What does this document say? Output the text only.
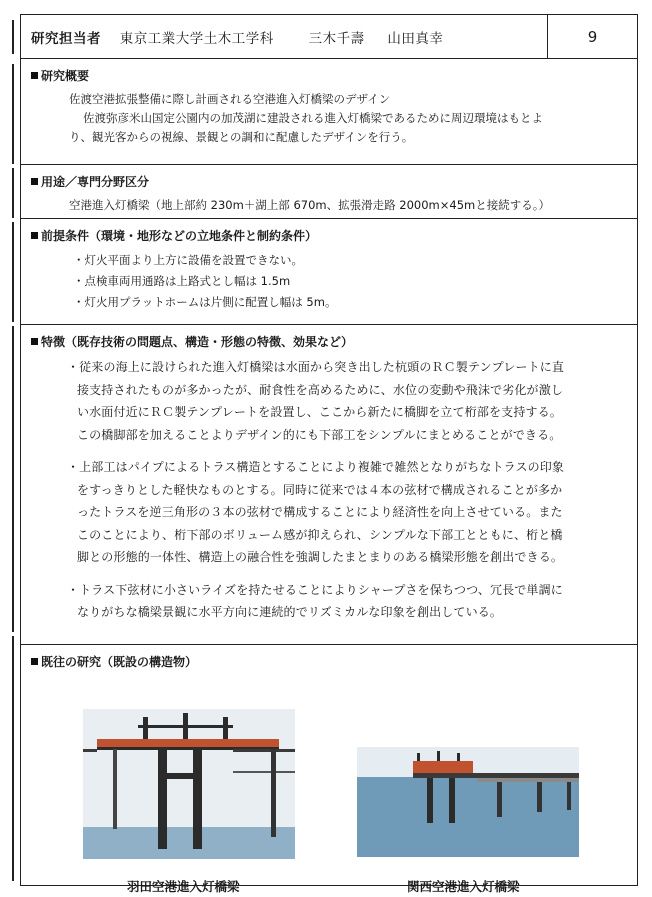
研究担当者 東京工業大学土木工学科	三木千壽 山田真幸	9
研究概要

佐渡空港拡張整備に際し計画される空港進入灯橋梁のデザイン

佐渡弥彦米山国定公園内の加茂湖に建設される進入灯橋梁であるために周辺環境はもとよ

り、観光客からの視線、景観との調和に配慮したデザインを行う。

用途／専門分野区分

空港進入灯橋梁（地上部約 230m＋湖上部 670m、拡張滑走路 2000m×45mと接続する。）

前提条件（環境・地形などの立地条件と制約条件）
・灯火平面より上方に設備を設置できない。
・点検車両用通路は上路式とし幅は 1.5m
・灯火用プラットホームは片側に配置し幅は 5m。
特徴（既存技術の問題点、構造・形態の特徴、効果など）

・従来の海上に設けられた進入灯橋梁は水面から突き出した杭頭のＲＣ製テンプレートに直

接支持されたものが多かったが、耐食性を高めるために、水位の変動や飛沫で劣化が激し

い水面付近にＲＣ製テンプレートを設置し、ここから新たに橋脚を立て桁部を支持する。

この橋脚部を加えることよりデザイン的にも下部工をシンプルにまとめることができる。

・上部工はパイプによるトラス構造とすることにより複雑で雑然となりがちなトラスの印象

をすっきりとした軽快なものとする。同時に従来では４本の弦材で構成されることが多か

ったトラスを逆三角形の３本の弦材で構成することにより経済性を向上させている。また

このことにより、桁下部のボリューム感が抑えられ、シンプルな下部工とともに、桁と橋

脚との形態的一体性、構造上の融合性を強調したまとまりのある橋梁形態を創出できる。

・トラス下弦材に小さいライズを持たせることによりシャープさを保ちつつ、冗長で単調に

なりがちな橋梁景観に水平方向に連続的でリズミカルな印象を創出している。

既往の研究（既設の構造物）
羽田空港進入灯橋梁	関西空港進入灯橋梁
